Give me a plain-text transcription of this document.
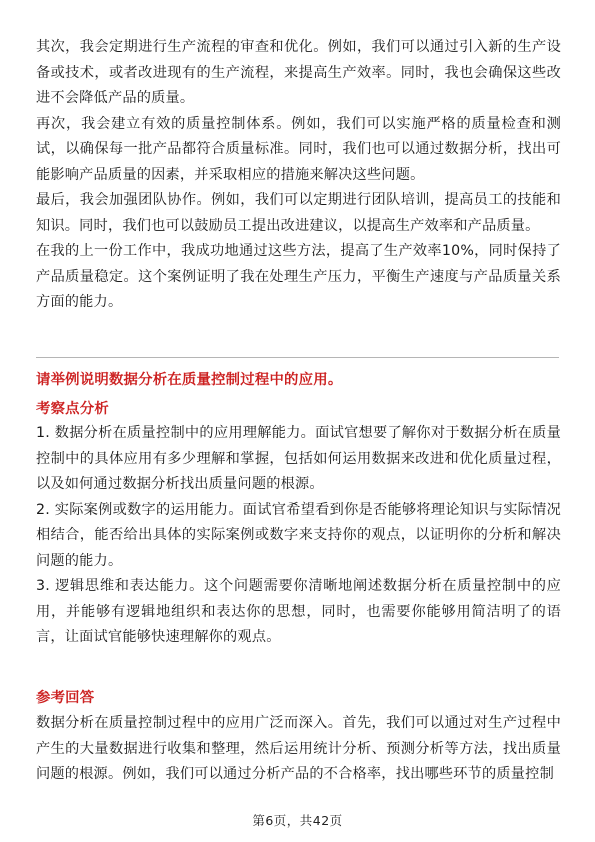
其次，我会定期进行生产流程的审查和优化。例如，我们可以通过引入新的生产设备或技术，或者改进现有的生产流程，来提高生产效率。同时，我也会确保这些改进不会降低产品的质量。

再次，我会建立有效的质量控制体系。例如，我们可以实施严格的质量检查和测试，以确保每一批产品都符合质量标准。同时，我们也可以通过数据分析，找出可能影响产品质量的因素，并采取相应的措施来解决这些问题。

最后，我会加强团队协作。例如，我们可以定期进行团队培训，提高员工的技能和知识。同时，我们也可以鼓励员工提出改进建议，以提高生产效率和产品质量。

在我的上一份工作中，我成功地通过这些方法，提高了生产效率10%，同时保持了产品质量稳定。这个案例证明了我在处理生产压力，平衡生产速度与产品质量关系方面的能力。

请举例说明数据分析在质量控制过程中的应用。

考察点分析

1. 数据分析在质量控制中的应用理解能力。面试官想要了解你对于数据分析在质量控制中的具体应用有多少理解和掌握，包括如何运用数据来改进和优化质量过程，以及如何通过数据分析找出质量问题的根源。

2. 实际案例或数字的运用能力。面试官希望看到你是否能够将理论知识与实际情况相结合，能否给出具体的实际案例或数字来支持你的观点，以证明你的分析和解决问题的能力。

3. 逻辑思维和表达能力。这个问题需要你清晰地阐述数据分析在质量控制中的应用，并能够有逻辑地组织和表达你的思想，同时，也需要你能够用简洁明了的语言，让面试官能够快速理解你的观点。

参考回答

数据分析在质量控制过程中的应用广泛而深入。首先，我们可以通过对生产过程中产生的大量数据进行收集和整理，然后运用统计分析、预测分析等方法，找出质量问题的根源。例如，我们可以通过分析产品的不合格率，找出哪些环节的质量控制

第6页，共42页
